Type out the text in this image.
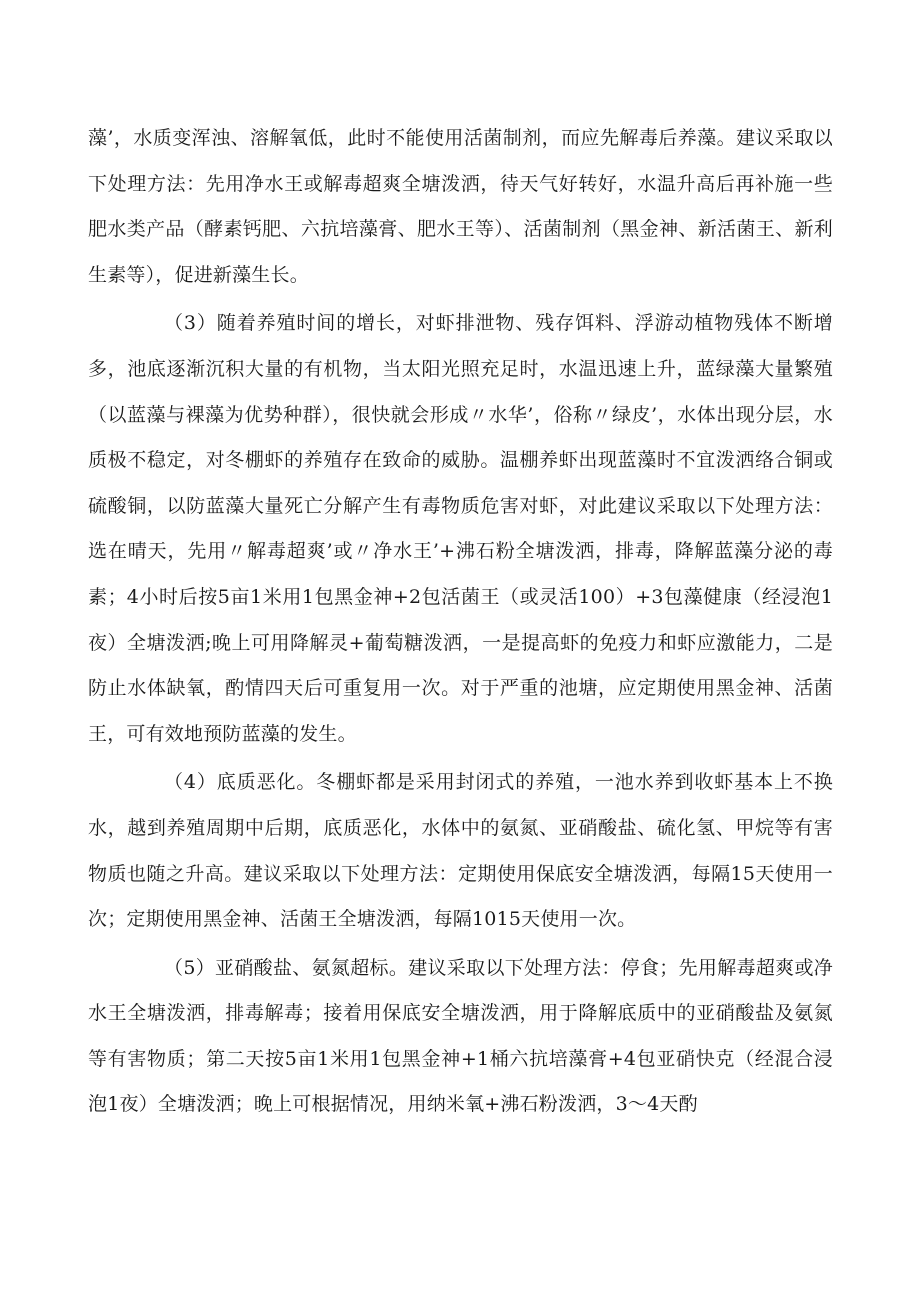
藻’，水质变浑浊、溶解氧低，此时不能使用活菌制剂，而应先解毒后养藻。建议采取以下处理方法：先用净水王或解毒超爽全塘泼洒，待天气好转好，水温升高后再补施一些肥水类产品（酵素钙肥、六抗培藻膏、肥水王等）、活菌制剂（黑金神、新活菌王、新利生素等），促进新藻生长。

（3）随着养殖时间的增长，对虾排泄物、残存饵料、浮游动植物残体不断增多，池底逐渐沉积大量的有机物，当太阳光照充足时，水温迅速上升，蓝绿藻大量繁殖（以蓝藻与裸藻为优势种群），很快就会形成〃水华’，俗称〃绿皮’，水体出现分层，水质极不稳定，对冬棚虾的养殖存在致命的威胁。温棚养虾出现蓝藻时不宜泼洒络合铜或硫酸铜，以防蓝藻大量死亡分解产生有毒物质危害对虾，对此建议采取以下处理方法：选在晴天，先用〃解毒超爽’或〃净水王’+沸石粉全塘泼洒，排毒，降解蓝藻分泌的毒素；4小时后按5亩1米用1包黑金神+2包活菌王（或灵活100）+3包藻健康（经浸泡1夜）全塘泼洒;晚上可用降解灵+葡萄糖泼洒，一是提高虾的免疫力和虾应激能力，二是防止水体缺氧，酌情四天后可重复用一次。对于严重的池塘，应定期使用黑金神、活菌王，可有效地预防蓝藻的发生。

（4）底质恶化。冬棚虾都是采用封闭式的养殖，一池水养到收虾基本上不换水，越到养殖周期中后期，底质恶化，水体中的氨氮、亚硝酸盐、硫化氢、甲烷等有害物质也随之升高。建议采取以下处理方法：定期使用保底安全塘泼洒，每隔15天使用一次；定期使用黑金神、活菌王全塘泼洒，每隔1015天使用一次。

（5）亚硝酸盐、氨氮超标。建议采取以下处理方法：停食；先用解毒超爽或净水王全塘泼洒，排毒解毒；接着用保底安全塘泼洒，用于降解底质中的亚硝酸盐及氨氮等有害物质；第二天按5亩1米用1包黑金神+1桶六抗培藻膏+4包亚硝快克（经混合浸泡1夜）全塘泼洒；晚上可根据情况，用纳米氧+沸石粉泼洒，3～4天酌
